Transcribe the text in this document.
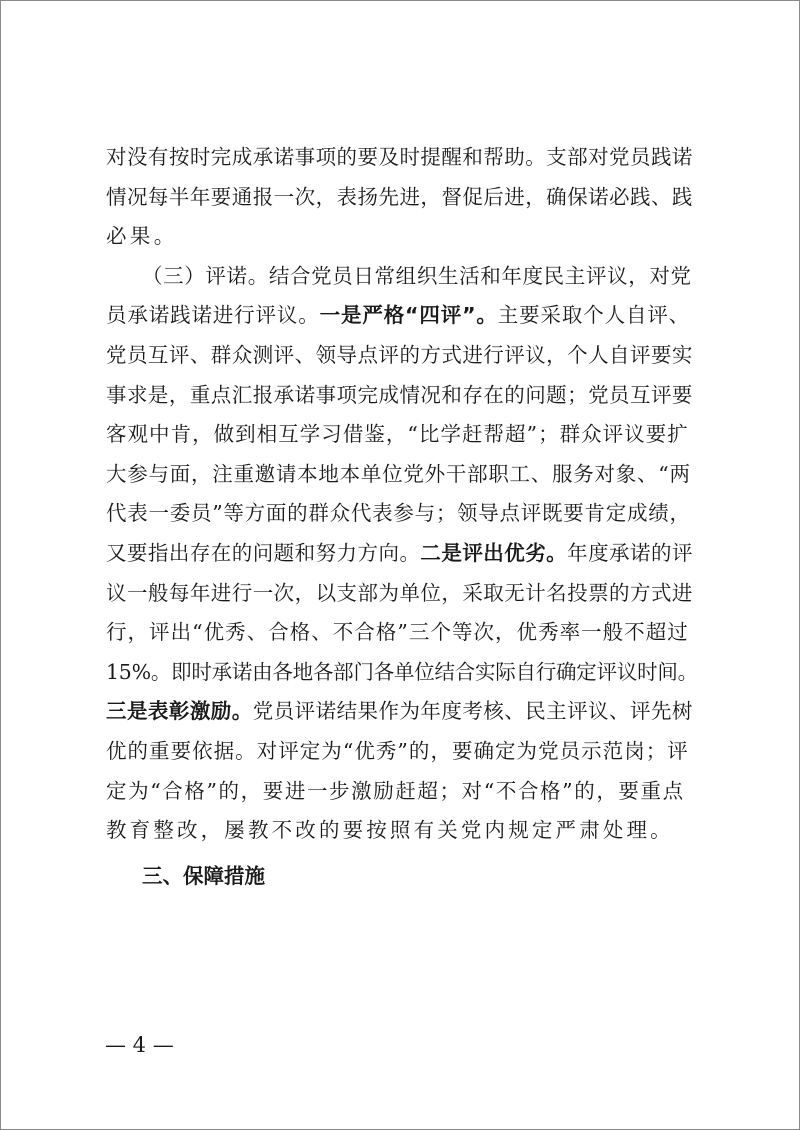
对没有按时完成承诺事项的要及时提醒和帮助。支部对党员践诺
情况每半年要通报一次，表扬先进，督促后进，确保诺必践、践
必果。
（三）评诺。结合党员日常组织生活和年度民主评议，对党
员承诺践诺进行评议。一是严格“四评”。主要采取个人自评、
党员互评、群众测评、领导点评的方式进行评议，个人自评要实
事求是，重点汇报承诺事项完成情况和存在的问题；党员互评要
客观中肯，做到相互学习借鉴，“比学赶帮超”；群众评议要扩
大参与面，注重邀请本地本单位党外干部职工、服务对象、“两
代表一委员”等方面的群众代表参与；领导点评既要肯定成绩，
又要指出存在的问题和努力方向。二是评出优劣。年度承诺的评
议一般每年进行一次，以支部为单位，采取无计名投票的方式进
行，评出“优秀、合格、不合格”三个等次，优秀率一般不超过
15%。即时承诺由各地各部门各单位结合实际自行确定评议时间。
三是表彰激励。党员评诺结果作为年度考核、民主评议、评先树
优的重要依据。对评定为“优秀”的，要确定为党员示范岗；评
定为“合格”的，要进一步激励赶超；对“不合格”的，要重点
教育整改，屡教不改的要按照有关党内规定严肃处理。
三、保障措施
— 4 —
